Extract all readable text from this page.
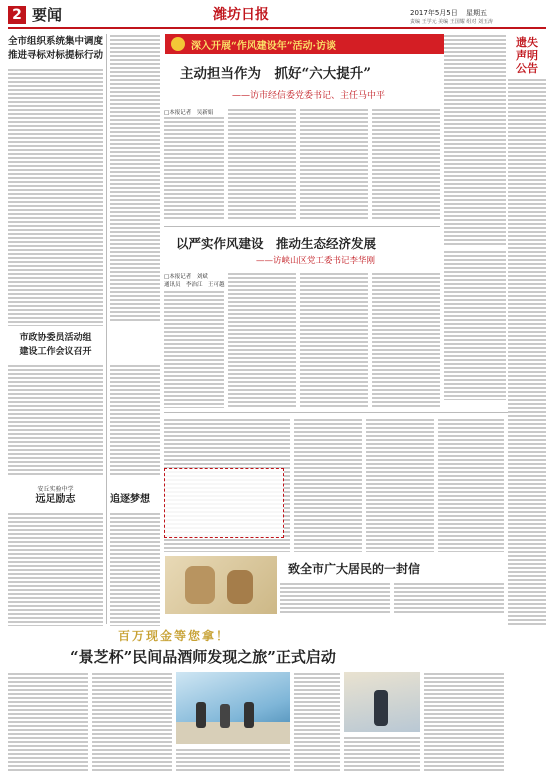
2 要闻	潍坊日报	2017年5月5日 星期五
责编 王学元 美编 王国耀 组对 刘玉涛
全市组织系统集中调度
推进寻标对标提标行动
市政协委员活动组
建设工作会议召开
安丘实验中学
远足励志	追逐梦想
深入开展“作风建设年”活动·访谈
主动担当作为　抓好“六大提升”
——访市经信委党委书记、主任马中平
□本报记者　吴新娟
以严实作风建设　推动生态经济发展
——访峡山区党工委书记李华刚
□本报记者　刘斌
通讯员　李治江　王可越
遗失
声明
公告
致全市广大居民的一封信
百万现金等您拿！
“景芝杯”民间品酒师发现之旅”正式启动
